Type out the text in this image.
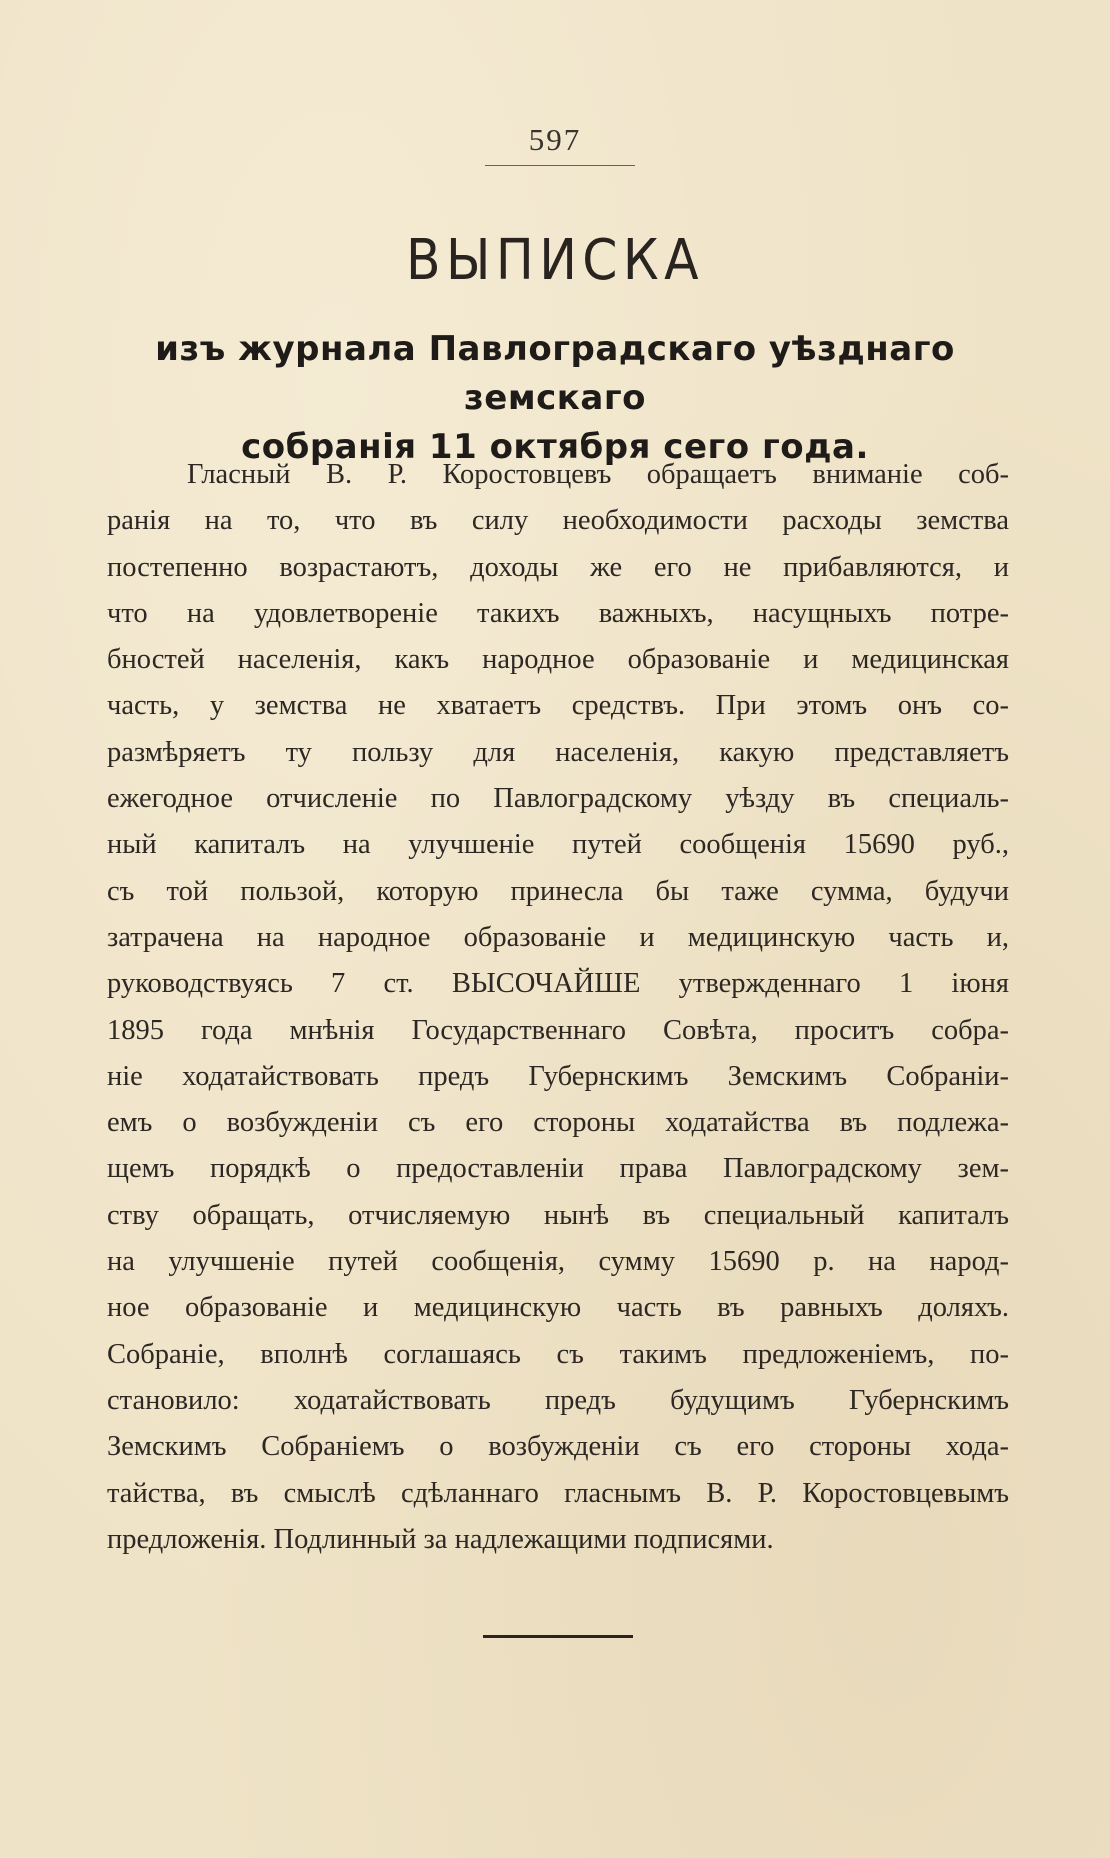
597
ВЫПИСКА
изъ журнала Павлоградскаго уѣзднаго земскаго
собранія 11 октября сего года.
Гласный В. Р. Коростовцевъ обращаетъ вниманіе соб-
ранія на то, что въ силу необходимости расходы земства
постепенно возрастаютъ, доходы же его не прибавляются, и
что на удовлетвореніе такихъ важныхъ, насущныхъ потре-
бностей населенія, какъ народное образованіе и медицинская
часть, у земства не хватаетъ средствъ. При этомъ онъ со-
размѣряетъ ту пользу для населенія, какую представляетъ
ежегодное отчисленіе по Павлоградскому уѣзду въ специаль-
ный капиталъ на улучшеніе путей сообщенія 15690 руб.,
съ той пользой, которую принесла бы таже сумма, будучи
затрачена на народное образованіе и медицинскую часть и,
руководствуясь 7 ст. ВЫСОЧАЙШЕ утвержденнаго 1 іюня
1895 года мнѣнія Государственнаго Совѣта, проситъ собра-
ніе ходатайствовать предъ Губернскимъ Земскимъ Собраніи-
емъ о возбужденіи съ его стороны ходатайства въ подлежа-
щемъ порядкѣ о предоставленіи права Павлоградскому зем-
ству обращать, отчисляемую нынѣ въ специальный капиталъ
на улучшеніе путей сообщенія, сумму 15690 р. на народ-
ное образованіе и медицинскую часть въ равныхъ доляхъ.
Собраніе, вполнѣ соглашаясь съ такимъ предложеніемъ, по-
становило: ходатайствовать предъ будущимъ Губернскимъ
Земскимъ Собраніемъ о возбужденіи съ его стороны хода-
тайства, въ смыслѣ сдѣланнаго гласнымъ В. Р. Коростовцевымъ
предложенія. Подлинный за надлежащими подписями.
